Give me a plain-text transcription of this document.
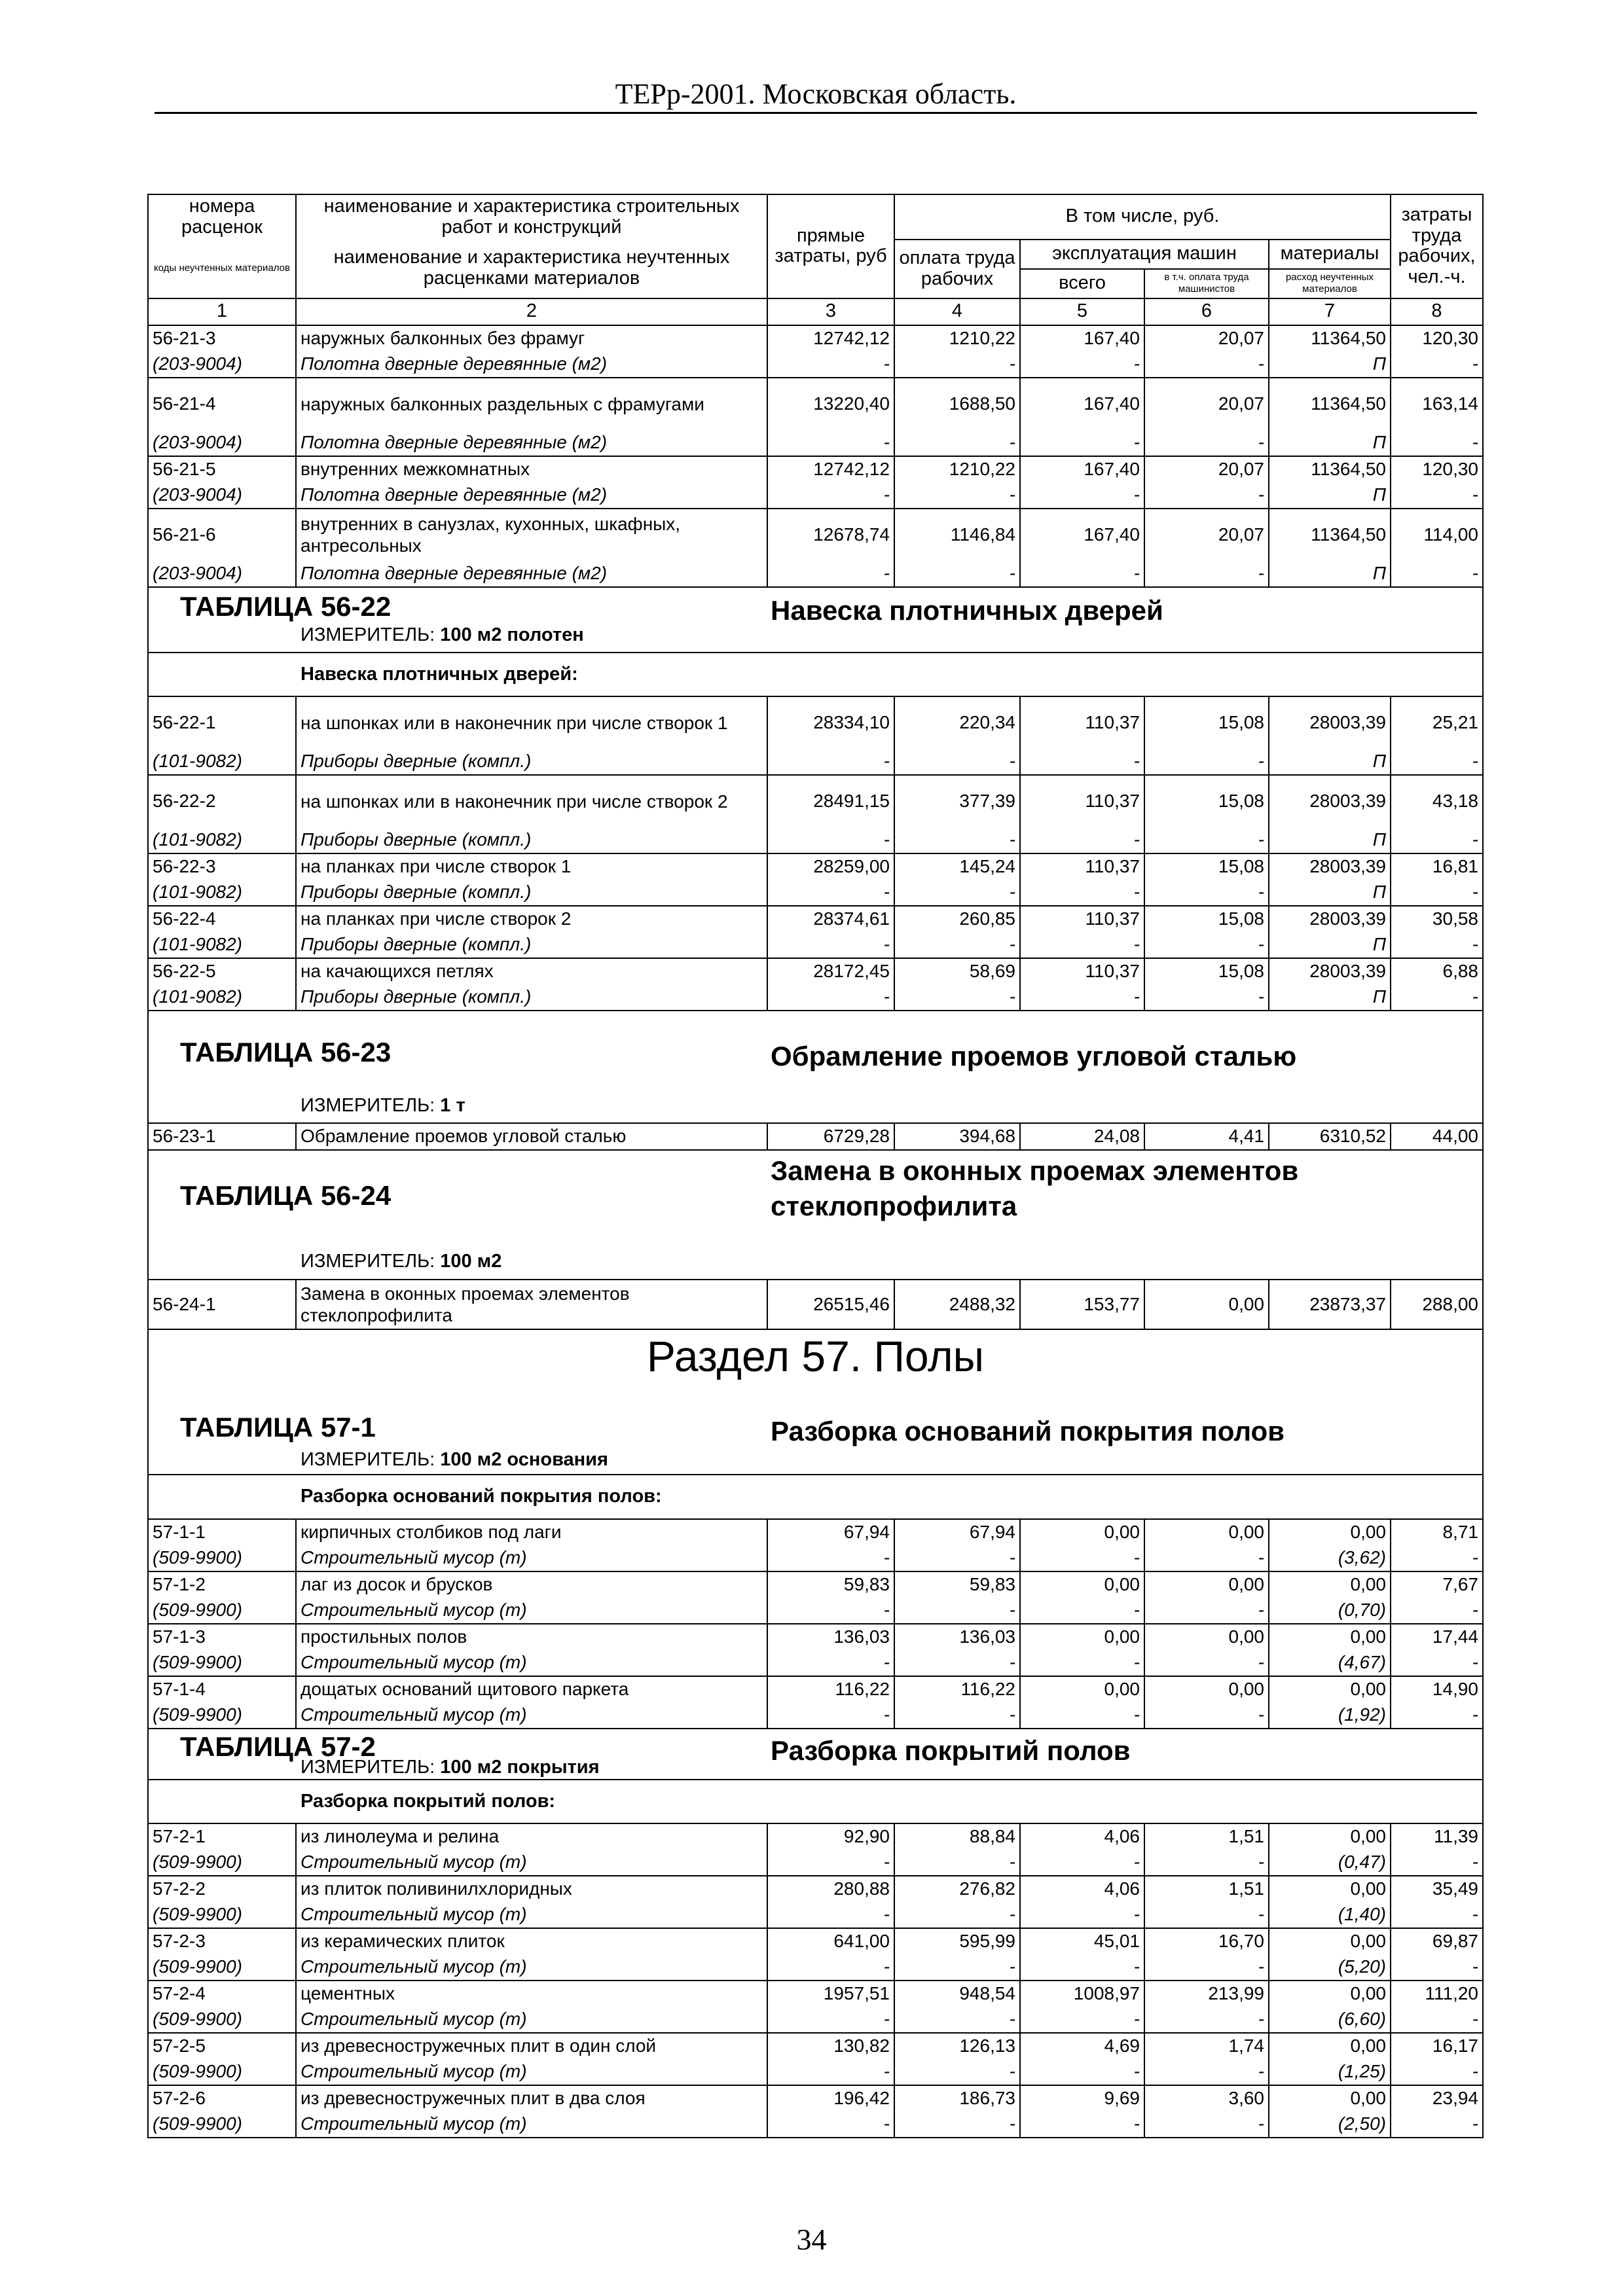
ТЕРр-2001. Московская область.
номера расценок	наименование и характеристика строительных работ и конструкций	прямые затраты, руб	В том числе, руб.				затраты труда рабочих, чел.-ч.
коды неучтенных материалов	наименование и характеристика неучтенных расценками материалов		оплата труда рабочих	эксплуатация машин		материалы	
				всего	в т.ч. оплата труда машинистов	расход неучтенных материалов	
1	2	3	4	5	6	7	8
56-21-3	наружных балконных без фрамуг	12742,12	1210,22	167,40	20,07	11364,50	120,30
(203-9004)	Полотна дверные деревянные (м2)	-	-	-	-	П	-
56-21-4	наружных балконных раздельных с фрамугами	13220,40	1688,50	167,40	20,07	11364,50	163,14
(203-9004)	Полотна дверные деревянные (м2)	-	-	-	-	П	-
56-21-5	внутренних межкомнатных	12742,12	1210,22	167,40	20,07	11364,50	120,30
(203-9004)	Полотна дверные деревянные (м2)	-	-	-	-	П	-
56-21-6	внутренних в санузлах, кухонных, шкафных, антресольных	12678,74	1146,84	167,40	20,07	11364,50	114,00
(203-9004)	Полотна дверные деревянные (м2)	-	-	-	-	П	-

ТАБЛИЦА 56-22 Навеска плотничных дверей
ИЗМЕРИТЕЛЬ: 100 м2 полотен							

Навеска плотничных дверей:							
56-22-1	на шпонках или в наконечник при числе створок 1	28334,10	220,34	110,37	15,08	28003,39	25,21
(101-9082)	Приборы дверные (компл.)	-	-	-	-	П	-
56-22-2	на шпонках или в наконечник при числе створок 2	28491,15	377,39	110,37	15,08	28003,39	43,18
(101-9082)	Приборы дверные (компл.)	-	-	-	-	П	-
56-22-3	на планках при числе створок 1	28259,00	145,24	110,37	15,08	28003,39	16,81
(101-9082)	Приборы дверные (компл.)	-	-	-	-	П	-
56-22-4	на планках при числе створок 2	28374,61	260,85	110,37	15,08	28003,39	30,58
(101-9082)	Приборы дверные (компл.)	-	-	-	-	П	-
56-22-5	на качающихся петлях	28172,45	58,69	110,37	15,08	28003,39	6,88
(101-9082)	Приборы дверные (компл.)	-	-	-	-	П	-

ТАБЛИЦА 56-23 Обрамление проемов угловой сталью
ИЗМЕРИТЕЛЬ: 1 т							

56-23-1	Обрамление проемов угловой сталью	6729,28	394,68	24,08	4,41	6310,52	44,00

ТАБЛИЦА 56-24
Замена в оконных проемах элементов стеклопрофилита
ИЗМЕРИТЕЛЬ: 100 м2							

56-24-1	Замена в оконных проемах элементов стеклопрофилита	26515,46	2488,32	153,77	0,00	23873,37	288,00
Раздел 57. Полы							

ТАБЛИЦА 57-1 Разборка оснований покрытия полов
ИЗМЕРИТЕЛЬ: 100 м2 основания							

Разборка оснований покрытия полов:							
57-1-1	кирпичных столбиков под лаги	67,94	67,94	0,00	0,00	0,00	8,71
(509-9900)	Строительный мусор (т)	-	-	-	-	(3,62)	-
57-1-2	лаг из досок и брусков	59,83	59,83	0,00	0,00	0,00	7,67
(509-9900)	Строительный мусор (т)	-	-	-	-	(0,70)	-
57-1-3	простильных полов	136,03	136,03	0,00	0,00	0,00	17,44
(509-9900)	Строительный мусор (т)	-	-	-	-	(4,67)	-
57-1-4	дощатых оснований щитового паркета	116,22	116,22	0,00	0,00	0,00	14,90
(509-9900)	Строительный мусор (т)	-	-	-	-	(1,92)	-

ТАБЛИЦА 57-2 Разборка покрытий полов
ИЗМЕРИТЕЛЬ: 100 м2 покрытия							

Разборка покрытий полов:							
57-2-1	из линолеума и релина	92,90	88,84	4,06	1,51	0,00	11,39
(509-9900)	Строительный мусор (т)	-	-	-	-	(0,47)	-
57-2-2	из плиток поливинилхлоридных	280,88	276,82	4,06	1,51	0,00	35,49
(509-9900)	Строительный мусор (т)	-	-	-	-	(1,40)	-
57-2-3	из керамических плиток	641,00	595,99	45,01	16,70	0,00	69,87
(509-9900)	Строительный мусор (т)	-	-	-	-	(5,20)	-
57-2-4	цементных	1957,51	948,54	1008,97	213,99	0,00	111,20
(509-9900)	Строительный мусор (т)	-	-	-	-	(6,60)	-
57-2-5	из древесностружечных плит в один слой	130,82	126,13	4,69	1,74	0,00	16,17
(509-9900)	Строительный мусор (т)	-	-	-	-	(1,25)	-
57-2-6	из древесностружечных плит в два слоя	196,42	186,73	9,69	3,60	0,00	23,94
(509-9900)	Строительный мусор (т)	-	-	-	-	(2,50)	-
34
